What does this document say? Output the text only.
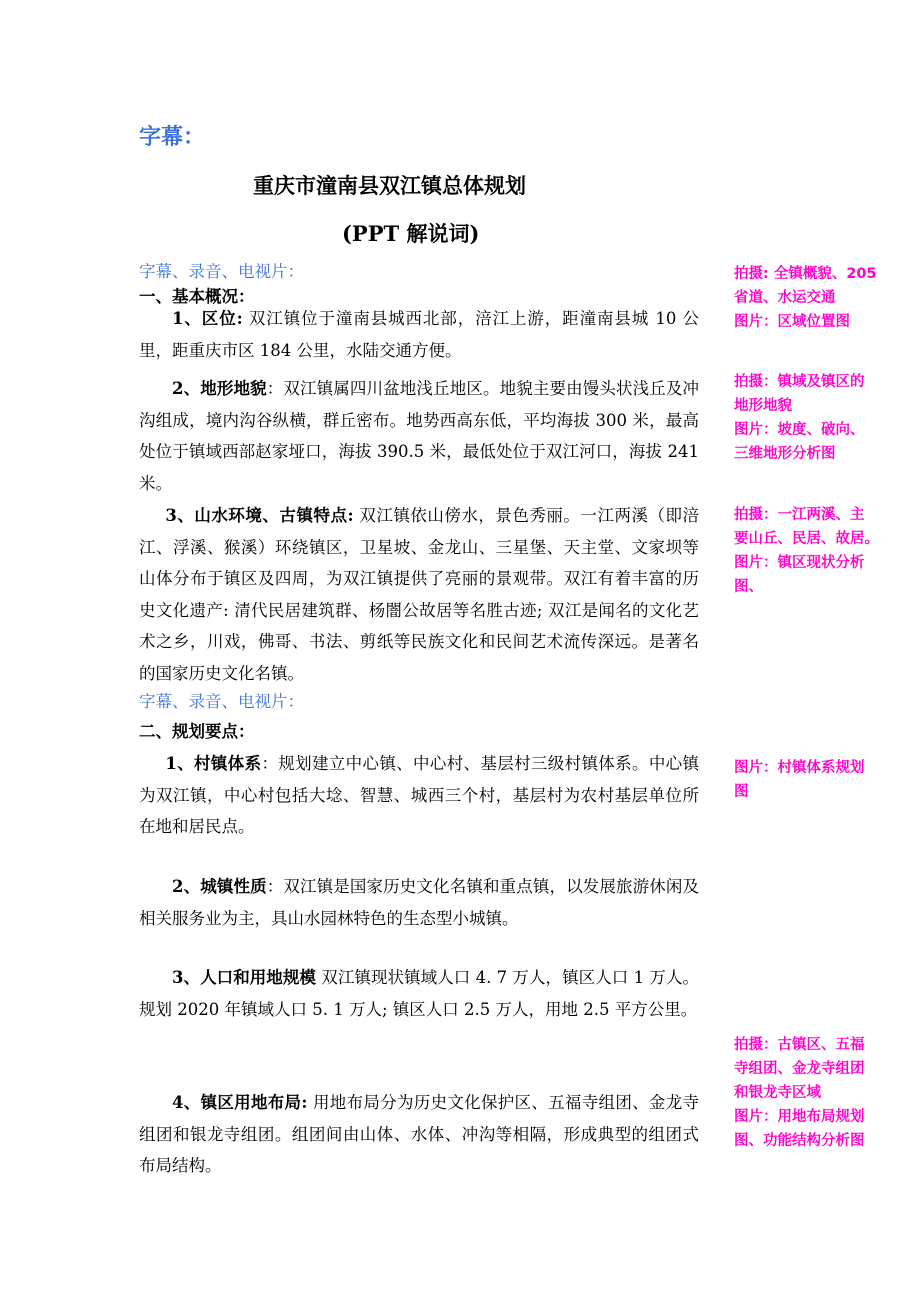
字幕：
重庆市潼南县双江镇总体规划
(PPT 解说词)
字幕、录音、电视片：
一、基本概况：

1、区位: 双江镇位于潼南县城西北部，涪江上游，距潼南县城 10 公里，距重庆市区 184 公里，水陆交通方便。

2、地形地貌：双江镇属四川盆地浅丘地区。地貌主要由馒头状浅丘及冲沟组成，境内沟谷纵横，群丘密布。地势西高东低，平均海拔 300 米，最高处位于镇域西部赵家垭口，海拔 390.5 米，最低处位于双江河口，海拔 241 米。

3、山水环境、古镇特点: 双江镇依山傍水，景色秀丽。一江两溪（即涪江、浮溪、猴溪）环绕镇区，卫星坡、金龙山、三星堡、天主堂、文家坝等山体分布于镇区及四周，为双江镇提供了亮丽的景观带。双江有着丰富的历史文化遗产: 清代民居建筑群、杨闇公故居等名胜古迹; 双江是闻名的文化艺术之乡，川戏，佛哥、书法、剪纸等民族文化和民间艺术流传深远。是著名的国家历史文化名镇。

字幕、录音、电视片：
二、规划要点：

1、村镇体系：规划建立中心镇、中心村、基层村三级村镇体系。中心镇为双江镇，中心村包括大埝、智慧、城西三个村，基层村为农村基层单位所在地和居民点。

2、城镇性质：双江镇是国家历史文化名镇和重点镇，以发展旅游休闲及相关服务业为主，具山水园林特色的生态型小城镇。

3、人口和用地规模 双江镇现状镇域人口 4. 7 万人，镇区人口 1 万人。规划 2020 年镇域人口 5. 1 万人; 镇区人口 2.5 万人，用地 2.5 平方公里。

4、镇区用地布局: 用地布局分为历史文化保护区、五福寺组团、金龙寺组团和银龙寺组团。组团间由山体、水体、冲沟等相隔，形成典型的组团式布局结构。

拍摄: 全镇概貌、205
省道、水运交通
图片：区域位置图
拍摄：镇域及镇区的
地形地貌
图片：坡度、破向、
三维地形分析图
拍摄：一江两溪、主
要山丘、民居、故居。
图片：镇区现状分析
图、
图片：村镇体系规划
图
拍摄：古镇区、五福
寺组团、金龙寺组团
和银龙寺区域
图片：用地布局规划
图、功能结构分析图
